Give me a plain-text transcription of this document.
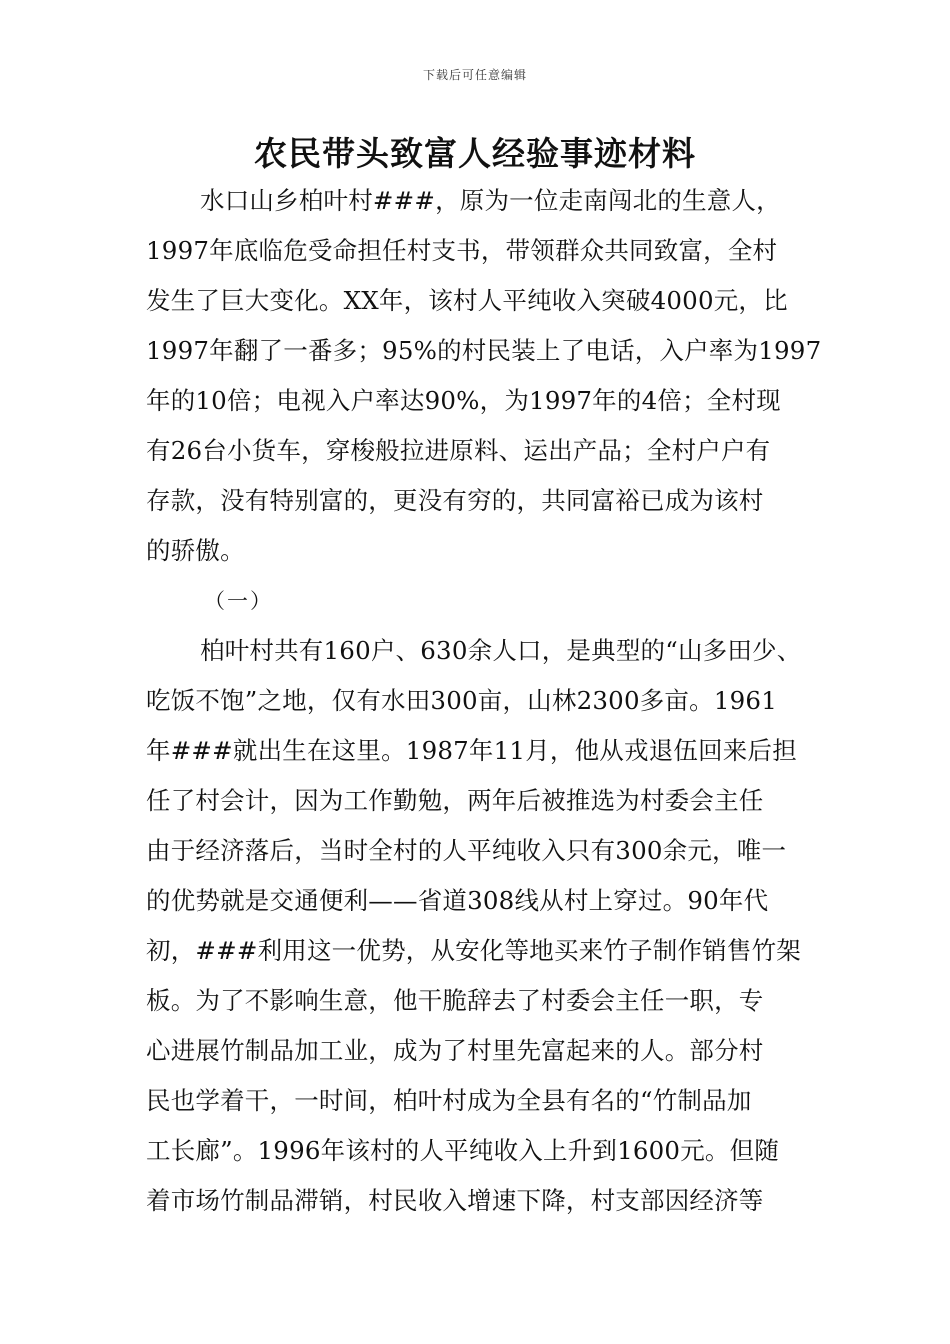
下载后可任意编辑
农民带头致富人经验事迹材料
水口山乡柏叶村###，原为一位走南闯北的生意人，
1997年底临危受命担任村支书，带领群众共同致富，全村
发生了巨大变化。XX年，该村人平纯收入突破4000元，比
1997年翻了一番多；95%的村民装上了电话，入户率为1997
年的10倍；电视入户率达90%，为1997年的4倍；全村现
有26台小货车，穿梭般拉进原料、运出产品；全村户户有
存款，没有特别富的，更没有穷的，共同富裕已成为该村
的骄傲。
（一）
柏叶村共有160户、630余人口，是典型的“山多田少、
吃饭不饱”之地，仅有水田300亩，山林2300多亩。1961
年###就出生在这里。1987年11月，他从戎退伍回来后担
任了村会计，因为工作勤勉，两年后被推选为村委会主任
由于经济落后，当时全村的人平纯收入只有300余元，唯一
的优势就是交通便利——省道308线从村上穿过。90年代
初，###利用这一优势，从安化等地买来竹子制作销售竹架
板。为了不影响生意，他干脆辞去了村委会主任一职，专
心进展竹制品加工业，成为了村里先富起来的人。部分村
民也学着干，一时间，柏叶村成为全县有名的“竹制品加
工长廊”。1996年该村的人平纯收入上升到1600元。但随
着市场竹制品滞销，村民收入增速下降，村支部因经济等
